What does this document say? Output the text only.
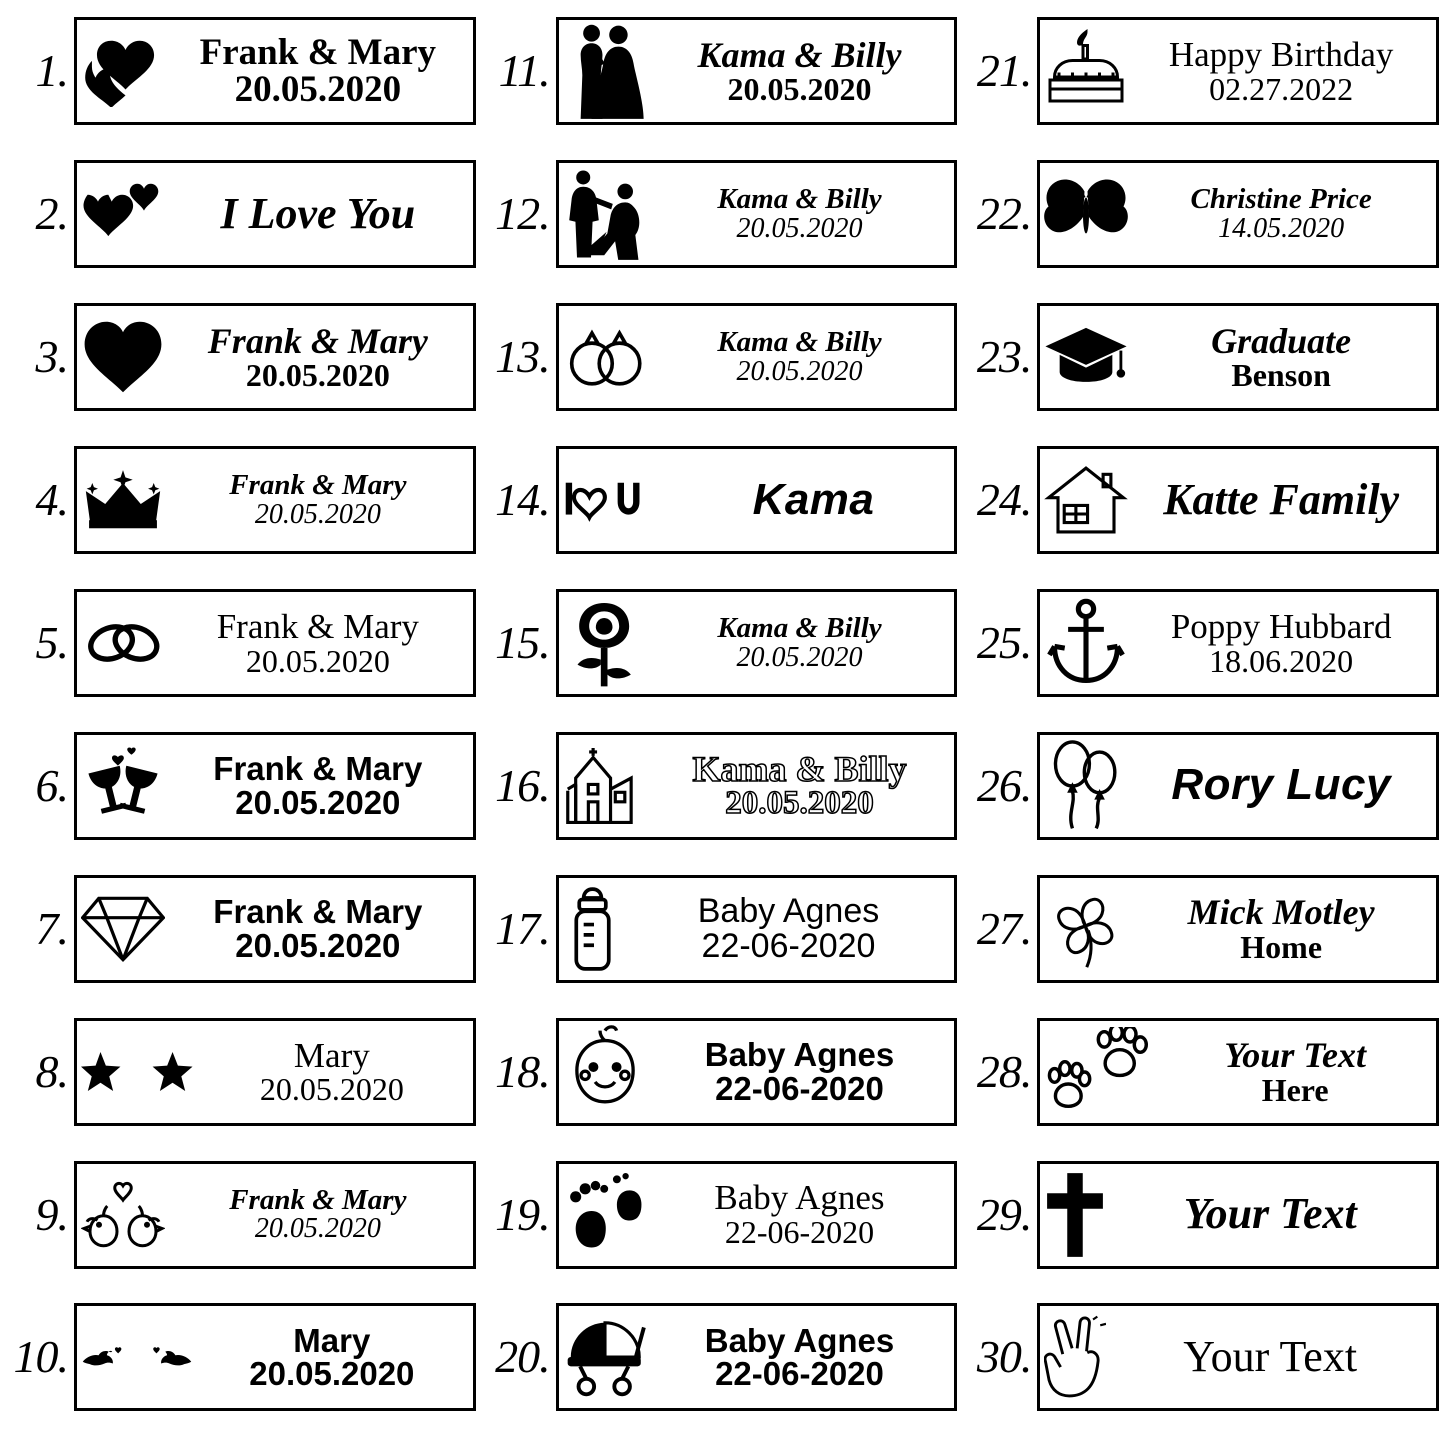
1.	Frank & Mary
20.05.2020 11.	Kama & Billy
20.05.2020 21.	Happy Birthday
02.27.2022
2.	I Love You 12.	Kama & Billy
20.05.2020 22.	Christine Price
14.05.2020
3.	Frank & Mary
20.05.2020 13.	Kama & Billy
20.05.2020 23.	Graduate
Benson
4.	Frank & Mary
20.05.2020 14.	Kama 24.	Katte Family
5.	Frank & Mary
20.05.2020 15.	Kama & Billy
20.05.2020 25.	Poppy Hubbard
18.06.2020
6.	Frank & Mary
20.05.2020 16.	Kama & Billy
20.05.2020 26.	Rory Lucy
7.	Frank & Mary
20.05.2020 17.	Baby Agnes
22-06-2020 27.	Mick Motley
Home
8.	Mary
20.05.2020 18.	Baby Agnes
22-06-2020 28.	Your Text
Here
9.	Frank & Mary
20.05.2020 19.	Baby Agnes
22-06-2020 29.	Your Text
10.	Mary
20.05.2020 20.	Baby Agnes
22-06-2020 30.	Your Text
